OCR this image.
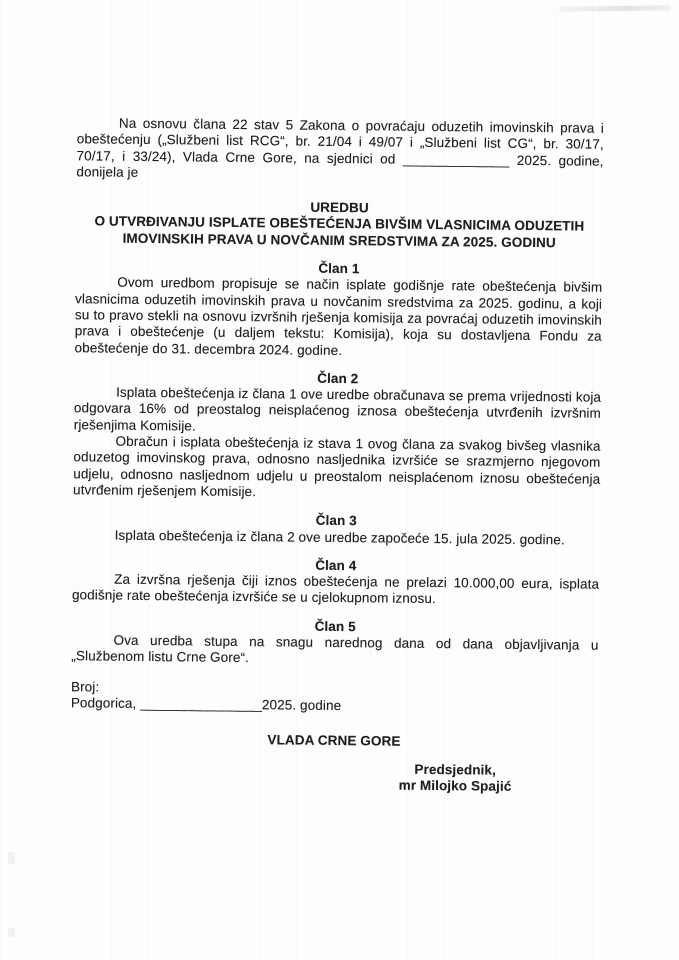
Na osnovu člana 22 stav 5 Zakona o povraćaju oduzetih imovinskih prava i obeštećenju („Službeni list RCG“, br. 21/04 i 49/07 i „Službeni list CG“, br. 30/17, 70/17, i 33/24), Vlada Crne Gore, na sjednici od ______________ 2025. godine, donijela je

UREDBU
O UTVRĐIVANJU ISPLATE OBEŠTEĆENJA BIVŠIM VLASNICIMA ODUZETIH IMOVINSKIH PRAVA U NOVČANIM SREDSTVIMA ZA 2025. GODINU
Član 1

Ovom uredbom propisuje se način isplate godišnje rate obeštećenja bivšim vlasnicima oduzetih imovinskih prava u novčanim sredstvima za 2025. godinu, a koji su to pravo stekli na osnovu izvršnih rješenja komisija za povraćaj oduzetih imovinskih prava i obeštećenje (u daljem tekstu: Komisija), koja su dostavljena Fondu za obeštećenje do 31. decembra 2024. godine.

Član 2

Isplata obeštećenja iz člana 1 ove uredbe obračunava se prema vrijednosti koja odgovara 16% od preostalog neisplaćenog iznosa obeštećenja utvrđenih izvršnim rješenjima Komisije.

Obračun i isplata obeštećenja iz stava 1 ovog člana za svakog bivšeg vlasnika oduzetog imovinskog prava, odnosno nasljednika izvršiće se srazmjerno njegovom udjelu, odnosno nasljednom udjelu u preostalom neisplaćenom iznosu obeštećenja utvrđenim rješenjem Komisije.

Član 3

Isplata obeštećenja iz člana 2 ove uredbe započeće 15. jula 2025. godine.

Član 4

Za izvršna rješenja čiji iznos obeštećenja ne prelazi 10.000,00 eura, isplata godišnje rate obeštećenja izvršiće se u cjelokupnom iznosu.

Član 5

Ova uredba stupa na snagu narednog dana od dana objavljivanja u „Službenom listu Crne Gore“.

Broj:

Podgorica, ________________2025. godine

VLADA CRNE GORE
Predsjednik,
mr Milojko Spajić
